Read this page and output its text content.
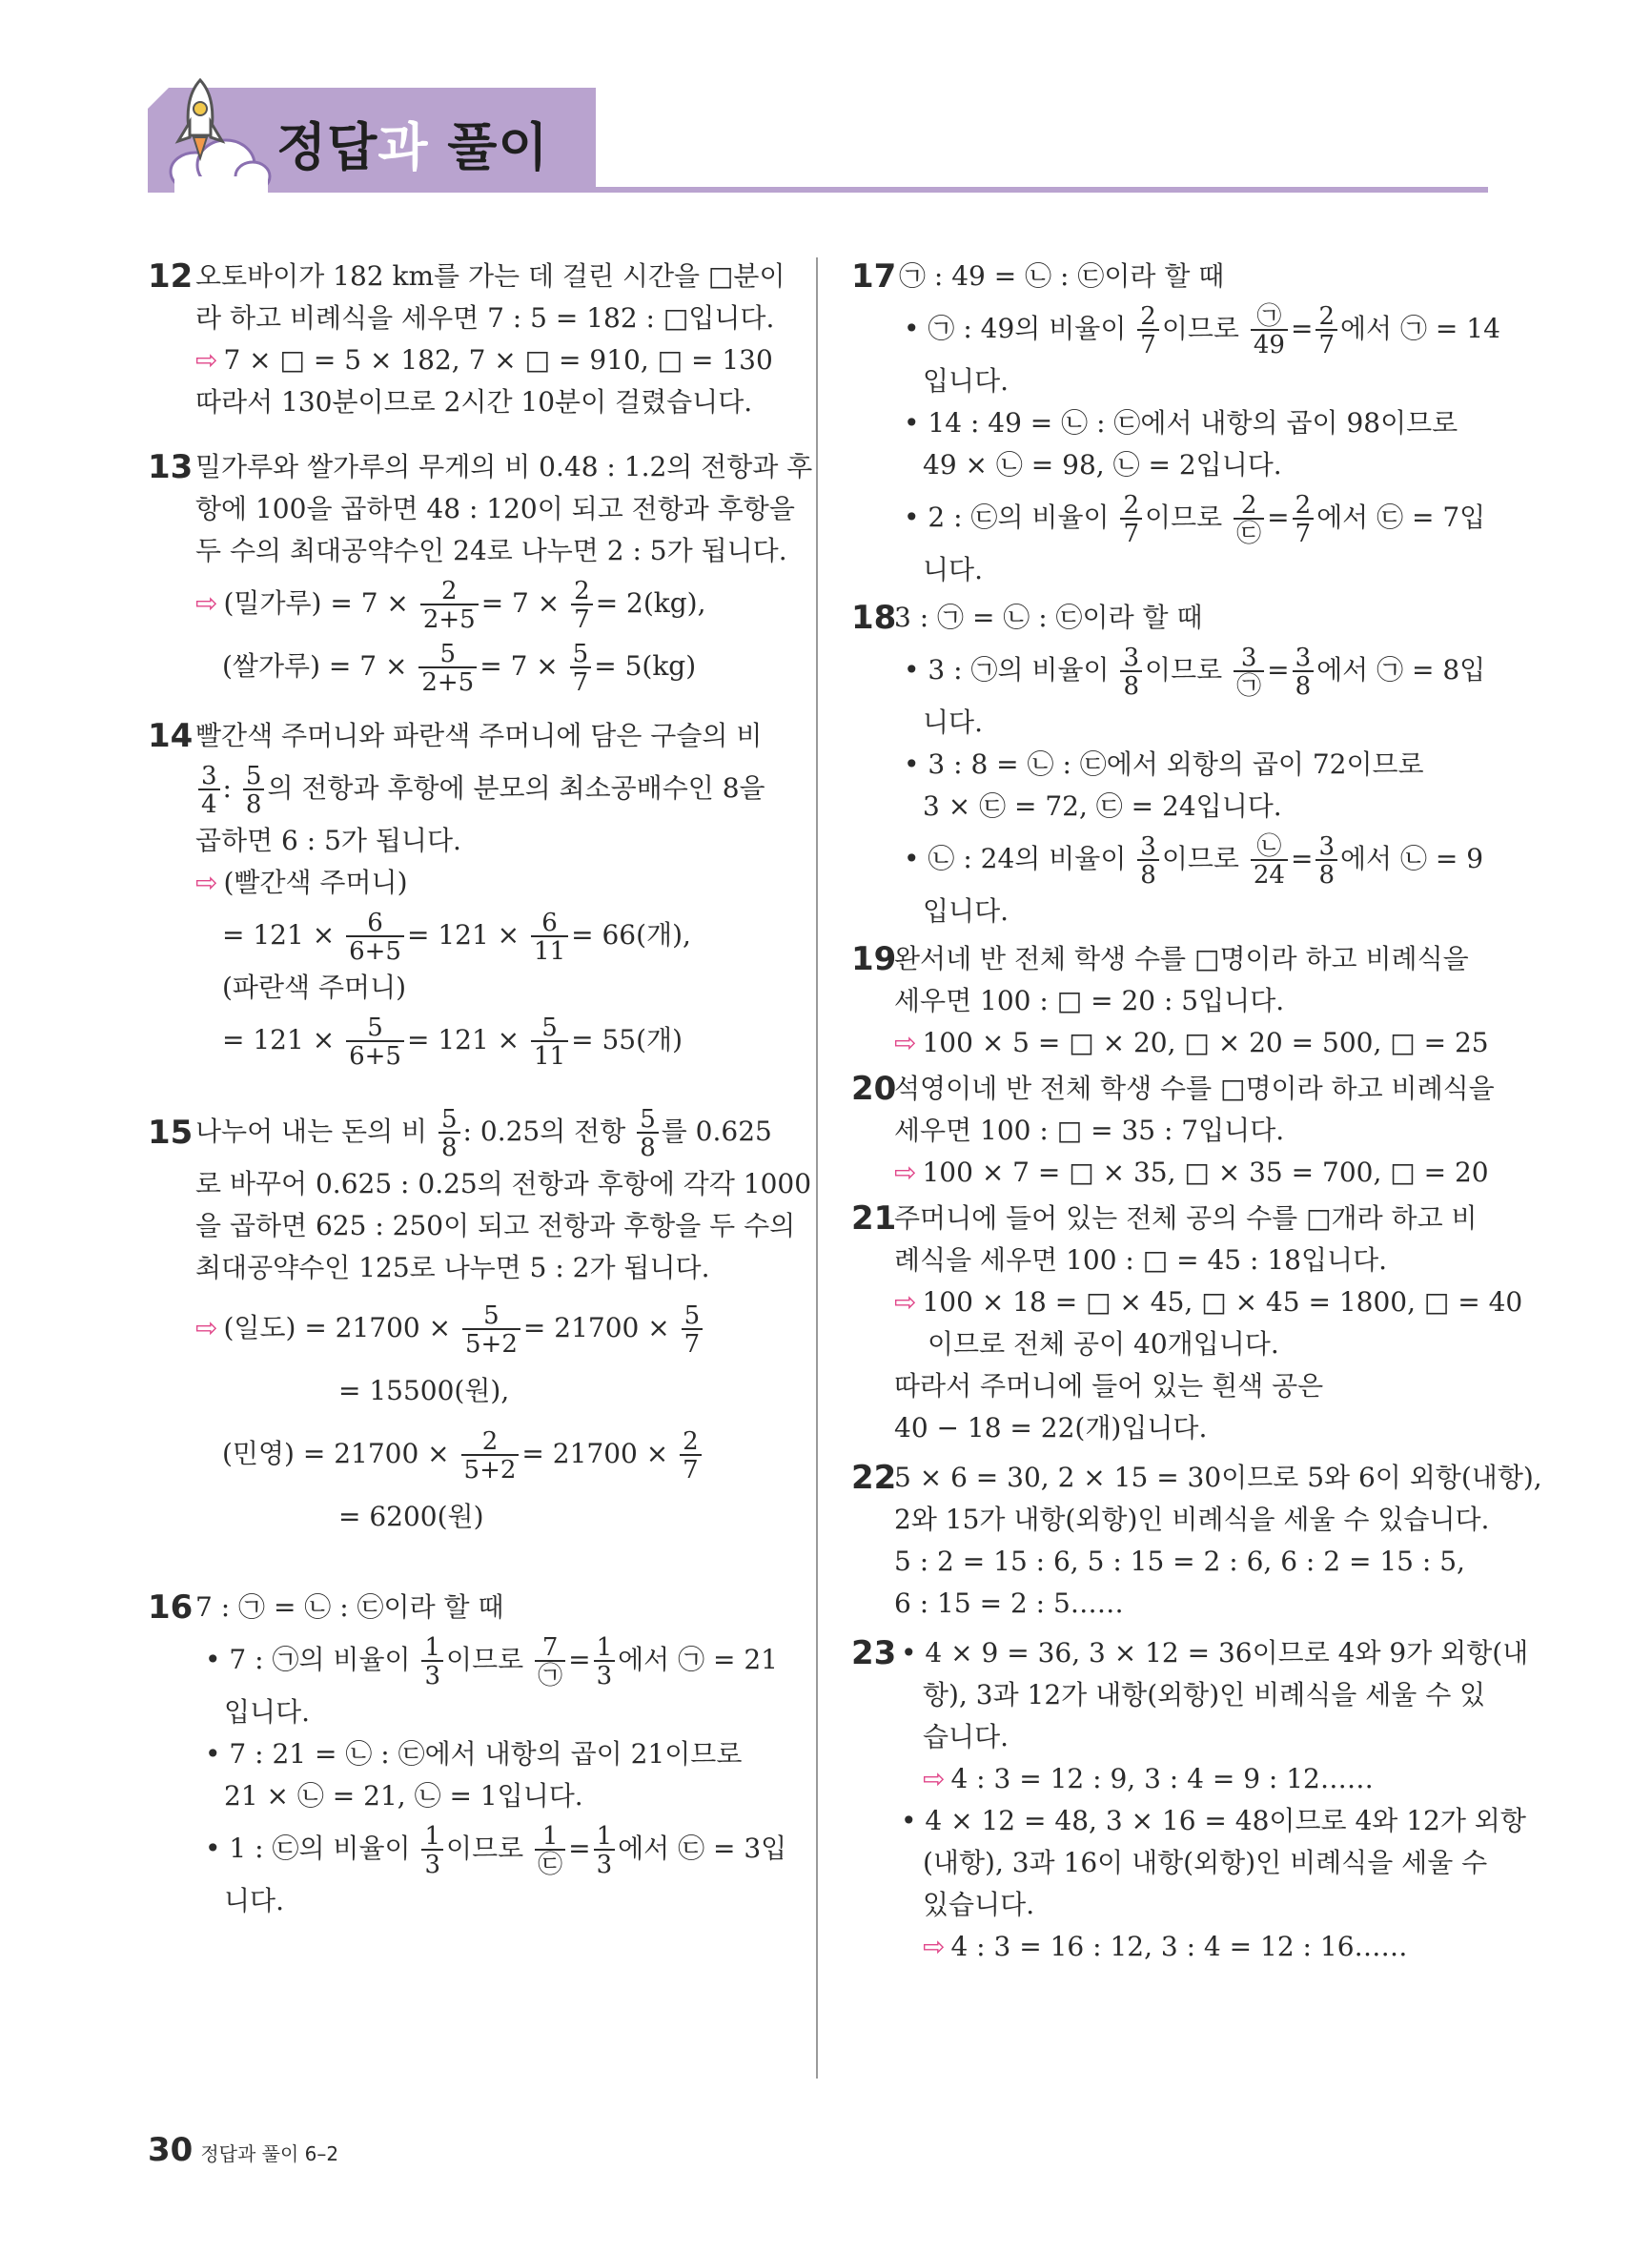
정답과 풀이
12 오토바이가 182 km를 가는 데 걸린 시간을 □분이
라 하고 비례식을 세우면 7 : 5 = 182 : □입니다.
⇨ 7 × □ = 5 × 182, 7 × □ = 910, □ = 130
따라서 130분이므로 2시간 10분이 걸렸습니다.
13 밀가루와 쌀가루의 무게의 비 0.48 : 1.2의 전항과 후
항에 100을 곱하면 48 : 120이 되고 전항과 후항을
두 수의 최대공약수인 24로 나누면 2 : 5가 됩니다.
⇨ (밀가루) = $7 \times \frac{2}{2+5} = 7 \times \frac{2}{7} = 2(kg)$,
(쌀가루) = $7 \times \frac{5}{2+5} = 7 \times \frac{5}{7} = 5(kg)$
14 빨간색 주머니와 파란색 주머니에 담은 구슬의 비
$\frac{3}{4}$ : $\frac{5}{8}$ 의 전항과 후항에 분모의 최소공배수인 8을
곱하면 6 : 5가 됩니다.
⇨ (빨간색 주머니)
= $121 \times \frac{6}{6+5} = 121 \times \frac{6}{11} = 66$(개),
(파란색 주머니)
= $121 \times \frac{5}{6+5} = 121 \times \frac{5}{11} = 55$(개)
15 나누어 내는 돈의 비 $\frac{5}{8}$ : 0.25의 전항 $\frac{5}{8}$ 를 0.625
로 바꾸어 0.625 : 0.25의 전항과 후항에 각각 1000
을 곱하면 625 : 250이 되고 전항과 후항을 두 수의
최대공약수인 125로 나누면 5 : 2가 됩니다.
⇨ (일도) = $21700 \times \frac{5}{5+2} = 21700 \times \frac{5}{7}$
= 15500(원),
(민영) = $21700 \times \frac{2}{5+2} = 21700 \times \frac{2}{7}$
= 6200(원)
16 7 : ㉠ = ㉡ : ㉢이라 할 때
• 7 : ㉠의 비율이 $\frac{1}{3}$ 이므로 $\frac{7}{㉠} = \frac{1}{3}$ 에서 ㉠ = 21
입니다.
• 7 : 21 = ㉡ : ㉢에서 내항의 곱이 21이므로
21 × ㉡ = 21, ㉡ = 1입니다.
• 1 : ㉢의 비율이 $\frac{1}{3}$ 이므로 $\frac{1}{㉢} = \frac{1}{3}$ 에서 ㉢ = 3입
니다.
17 ㉠ : 49 = ㉡ : ㉢이라 할 때
• ㉠ : 49의 비율이 $\frac{2}{7}$ 이므로 $\frac{㉠}{49} = \frac{2}{7}$ 에서 ㉠ = 14
입니다.
• 14 : 49 = ㉡ : ㉢에서 내항의 곱이 98이므로
49 × ㉡ = 98, ㉡ = 2입니다.
• 2 : ㉢의 비율이 $\frac{2}{7}$ 이므로 $\frac{2}{㉢} = \frac{2}{7}$ 에서 ㉢ = 7입
니다.
18
3 : ㉠ = ㉡ : ㉢이라 할 때
• 3 : ㉠의 비율이 $\frac{3}{8}$ 이므로 $\frac{3}{㉠} = \frac{3}{8}$ 에서 ㉠ = 8입
니다.
• 3 : 8 = ㉡ : ㉢에서 외항의 곱이 72이므로
3 × ㉢ = 72, ㉢ = 24입니다.
• ㉡ : 24의 비율이 $\frac{3}{8}$ 이므로 $\frac{㉡}{24} = \frac{3}{8}$ 에서 ㉡ = 9
입니다.
19
완서네 반 전체 학생 수를 □명이라 하고 비례식을
세우면 100 : □ = 20 : 5입니다.
⇨ 100 × 5 = □ × 20, □ × 20 = 500, □ = 25
20
석영이네 반 전체 학생 수를 □명이라 하고 비례식을
세우면 100 : □ = 35 : 7입니다.
⇨ 100 × 7 = □ × 35, □ × 35 = 700, □ = 20
21
주머니에 들어 있는 전체 공의 수를 □개라 하고 비
례식을 세우면 100 : □ = 45 : 18입니다.
⇨ 100 × 18 = □ × 45, □ × 45 = 1800, □ = 40
이므로 전체 공이 40개입니다.
따라서 주머니에 들어 있는 흰색 공은
40 − 18 = 22(개)입니다.
22
5 × 6 = 30, 2 × 15 = 30이므로 5와 6이 외항(내항),
2와 15가 내항(외항)인 비례식을 세울 수 있습니다.
5 : 2 = 15 : 6, 5 : 15 = 2 : 6, 6 : 2 = 15 : 5,
6 : 15 = 2 : 5……
23 • 4 × 9 = 36, 3 × 12 = 36이므로 4와 9가 외항(내
항), 3과 12가 내항(외항)인 비례식을 세울 수 있
습니다.
⇨ 4 : 3 = 12 : 9, 3 : 4 = 9 : 12……
• 4 × 12 = 48, 3 × 16 = 48이므로 4와 12가 외항
(내항), 3과 16이 내항(외항)인 비례식을 세울 수
있습니다.
⇨ 4 : 3 = 16 : 12, 3 : 4 = 12 : 16……
30 정답과 풀이 6–2
